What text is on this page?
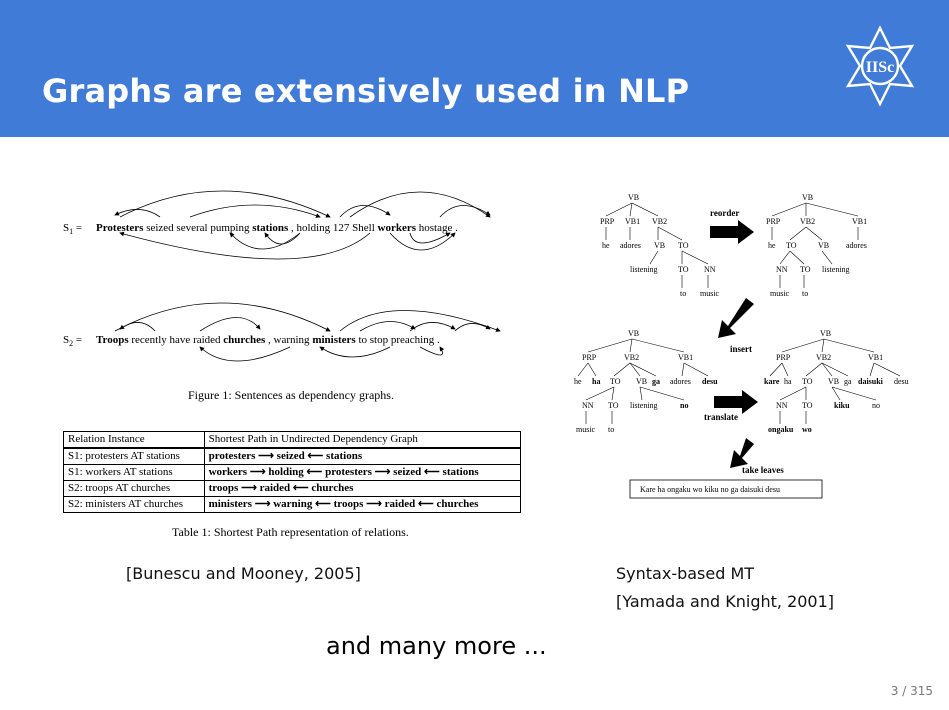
Graphs are extensively used in NLP
IISc
$S_1$ = Protesters seized several pumping stations , holding 127 Shell workers hostage .
$S_2$ = Troops recently have raided churches , warning ministers to stop preaching .
Figure 1: Sentences as dependency graphs.
Relation Instance	Shortest Path in Undirected Dependency Graph
S1: protesters AT stations	protesters ⟶ seized ⟵ stations
S1: workers AT stations	workers ⟶ holding ⟵ protesters ⟶ seized ⟵ stations
S2: troops AT churches	troops ⟶ raided ⟵ churches
S2: ministers AT churches	ministers ⟶ warning ⟵ troops ⟶ raided ⟵ churches
Table 1: Shortest Path representation of relations.
VB
PRP VB1 VB2
he adores VB TO
listening	TO NN
to music
VB
PRP VB2	VB1
he TO	VB adores
NN TO listening
music to
VB
PRP	VB2	VB1
he ha TO VB ga adores desu
NN TO listening	no
music to
VB
PRP	VB2	VB1
kare ha TO VB ga daisuki desu
NN TO	kiku	no
ongaku wo
reorder
insert
translate
take leaves
Kare ha ongaku wo kiku no ga daisuki desu
[Bunescu and Mooney, 2005]	Syntax-based MT
[Yamada and Knight, 2001]
and many more ...
3 / 315
